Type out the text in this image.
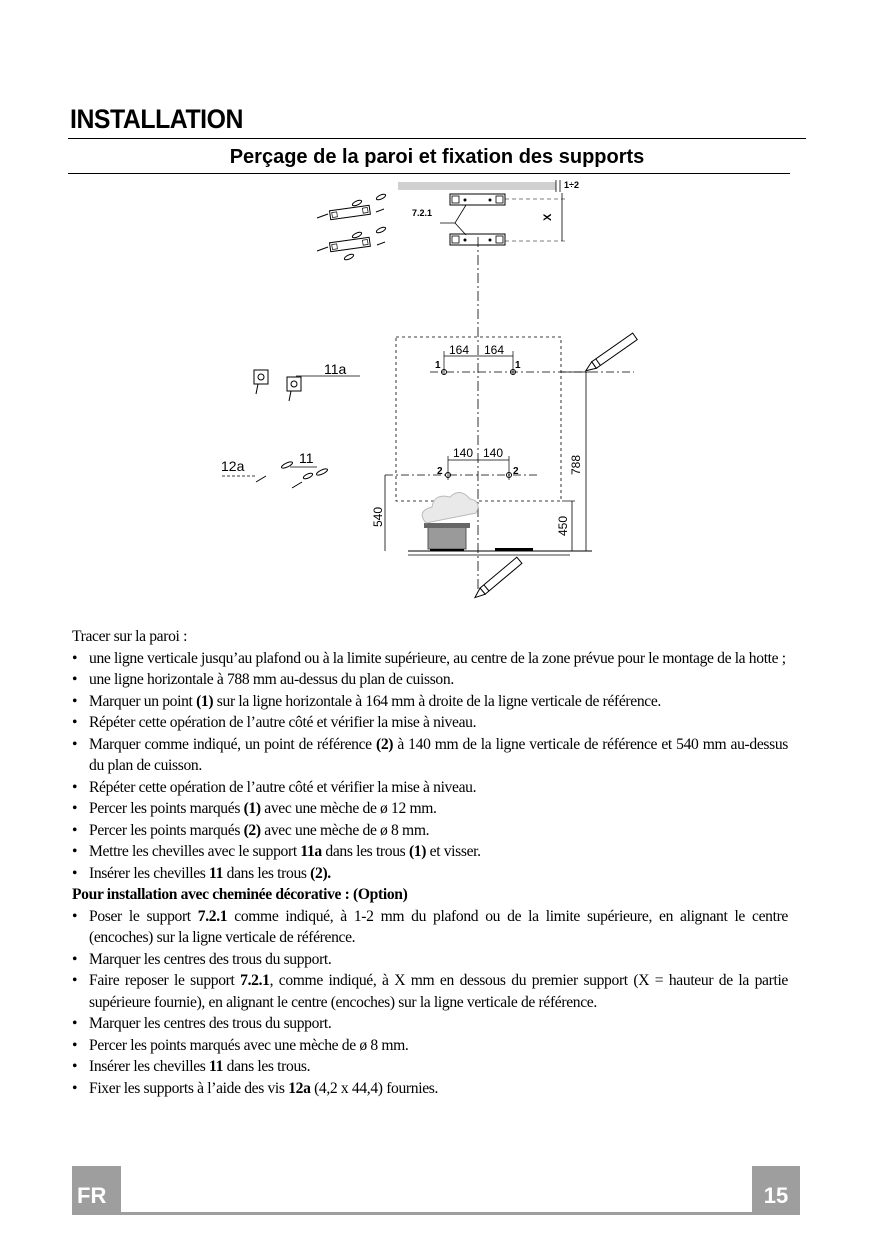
INSTALLATION
Perçage de la paroi et fixation des supports
1÷2
7.2.1	X
164 164
1	1
140 140
2	2	788
450
540
11a
11
12a

Tracer sur la paroi :

• une ligne verticale jusqu’au plafond ou à la limite supérieure, au centre de la zone prévue pour le montage de la hotte ;
• une ligne horizontale à 788 mm au-dessus du plan de cuisson.
• Marquer un point (1) sur la ligne horizontale à 164 mm à droite de la ligne verticale de référence.
• Répéter cette opération de l’autre côté et vérifier la mise à niveau.
• Marquer comme indiqué, un point de référence (2) à 140 mm de la ligne verticale de référence et 540 mm au-dessus du plan de cuisson.
• Répéter cette opération de l’autre côté et vérifier la mise à niveau.
• Percer les points marqués (1) avec une mèche de ø 12 mm.
• Percer les points marqués (2) avec une mèche de ø 8 mm.
• Mettre les chevilles avec le support 11a dans les trous (1) et visser.
• Insérer les chevilles 11 dans les trous (2).

Pour installation avec cheminée décorative : (Option)

• Poser le support 7.2.1 comme indiqué, à 1-2 mm du plafond ou de la limite supérieure, en alignant le centre (encoches) sur la ligne verticale de référence.
• Marquer les centres des trous du support.
• Faire reposer le support 7.2.1, comme indiqué, à X mm en dessous du premier support (X = hauteur de la partie supérieure fournie), en alignant le centre (encoches) sur la ligne verticale de référence.
• Marquer les centres des trous du support.
• Percer les points marqués avec une mèche de ø 8 mm.
• Insérer les chevilles 11 dans les trous.
• Fixer les supports à l’aide des vis 12a (4,2 x 44,4) fournies.
FR	15
